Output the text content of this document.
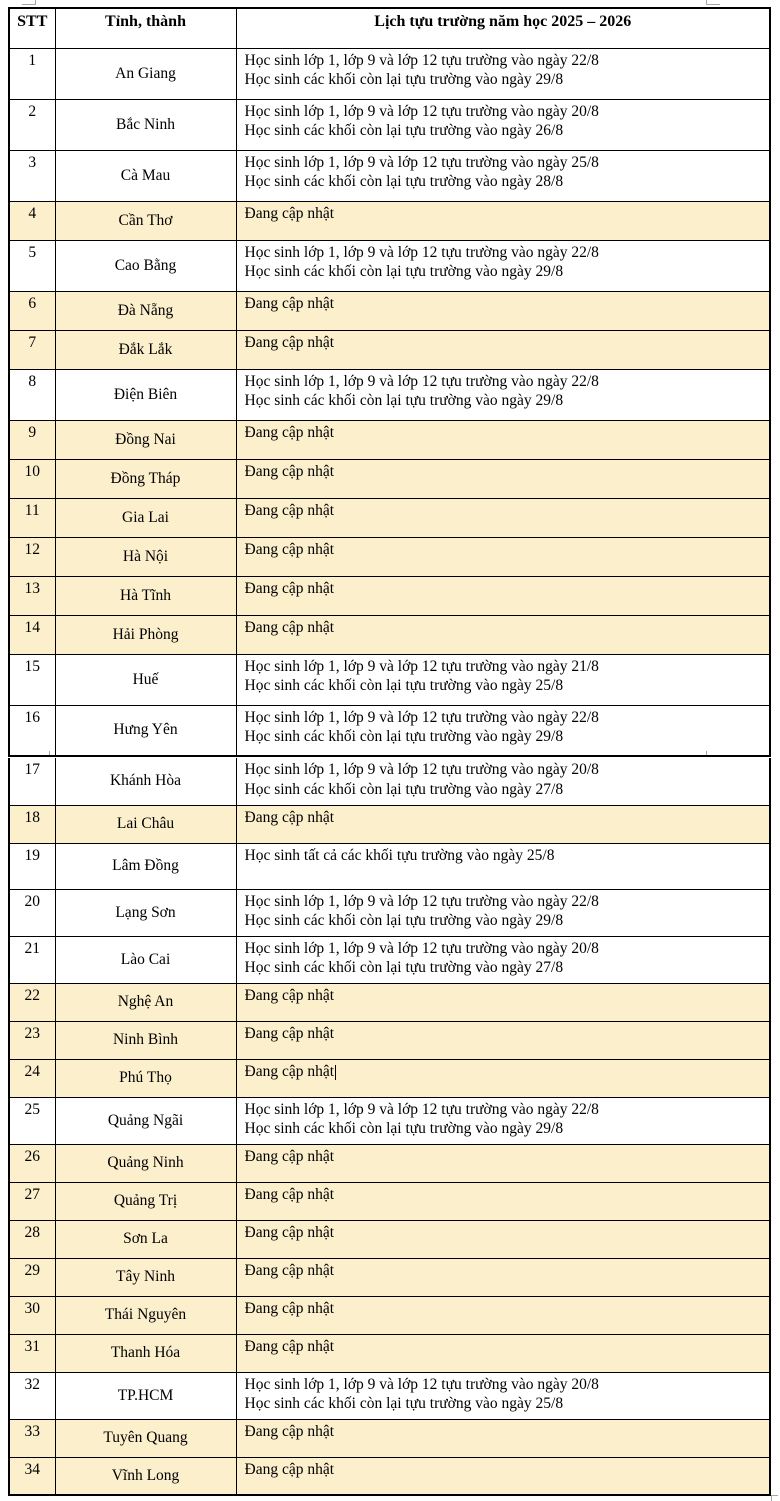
STT	Tỉnh, thành	Lịch tựu trường năm học 2025 – 2026
1	An Giang	Học sinh lớp 1, lớp 9 và lớp 12 tựu trường vào ngày 22/8
Học sinh các khối còn lại tựu trường vào ngày 29/8

2	Bắc Ninh	Học sinh lớp 1, lớp 9 và lớp 12 tựu trường vào ngày 20/8
Học sinh các khối còn lại tựu trường vào ngày 26/8

3	Cà Mau	Học sinh lớp 1, lớp 9 và lớp 12 tựu trường vào ngày 25/8
Học sinh các khối còn lại tựu trường vào ngày 28/8

4	Cần Thơ	Đang cập nhật

5	Cao Bằng	Học sinh lớp 1, lớp 9 và lớp 12 tựu trường vào ngày 22/8
Học sinh các khối còn lại tựu trường vào ngày 29/8

6	Đà Nẵng	Đang cập nhật

7	Đắk Lắk	Đang cập nhật

8	Điện Biên	Học sinh lớp 1, lớp 9 và lớp 12 tựu trường vào ngày 22/8
Học sinh các khối còn lại tựu trường vào ngày 29/8

9	Đồng Nai	Đang cập nhật

10	Đồng Tháp	Đang cập nhật

11	Gia Lai	Đang cập nhật

12	Hà Nội	Đang cập nhật

13	Hà Tĩnh	Đang cập nhật

14	Hải Phòng	Đang cập nhật

15	Huế	Học sinh lớp 1, lớp 9 và lớp 12 tựu trường vào ngày 21/8
Học sinh các khối còn lại tựu trường vào ngày 25/8

16	Hưng Yên	Học sinh lớp 1, lớp 9 và lớp 12 tựu trường vào ngày 22/8
Học sinh các khối còn lại tựu trường vào ngày 29/8
17	Khánh Hòa	Học sinh lớp 1, lớp 9 và lớp 12 tựu trường vào ngày 20/8
Học sinh các khối còn lại tựu trường vào ngày 27/8

18	Lai Châu	Đang cập nhật

19	Lâm Đồng	Học sinh tất cả các khối tựu trường vào ngày 25/8

20	Lạng Sơn	Học sinh lớp 1, lớp 9 và lớp 12 tựu trường vào ngày 22/8
Học sinh các khối còn lại tựu trường vào ngày 29/8

21	Lào Cai	Học sinh lớp 1, lớp 9 và lớp 12 tựu trường vào ngày 20/8
Học sinh các khối còn lại tựu trường vào ngày 27/8

22	Nghệ An	Đang cập nhật

23	Ninh Bình	Đang cập nhật

24	Phú Thọ	Đang cập nhật

25	Quảng Ngãi	Học sinh lớp 1, lớp 9 và lớp 12 tựu trường vào ngày 22/8
Học sinh các khối còn lại tựu trường vào ngày 29/8

26	Quảng Ninh	Đang cập nhật

27	Quảng Trị	Đang cập nhật

28	Sơn La	Đang cập nhật

29	Tây Ninh	Đang cập nhật

30	Thái Nguyên	Đang cập nhật

31	Thanh Hóa	Đang cập nhật

32	TP.HCM	Học sinh lớp 1, lớp 9 và lớp 12 tựu trường vào ngày 20/8
Học sinh các khối còn lại tựu trường vào ngày 25/8

33	Tuyên Quang	Đang cập nhật

34	Vĩnh Long	Đang cập nhật
